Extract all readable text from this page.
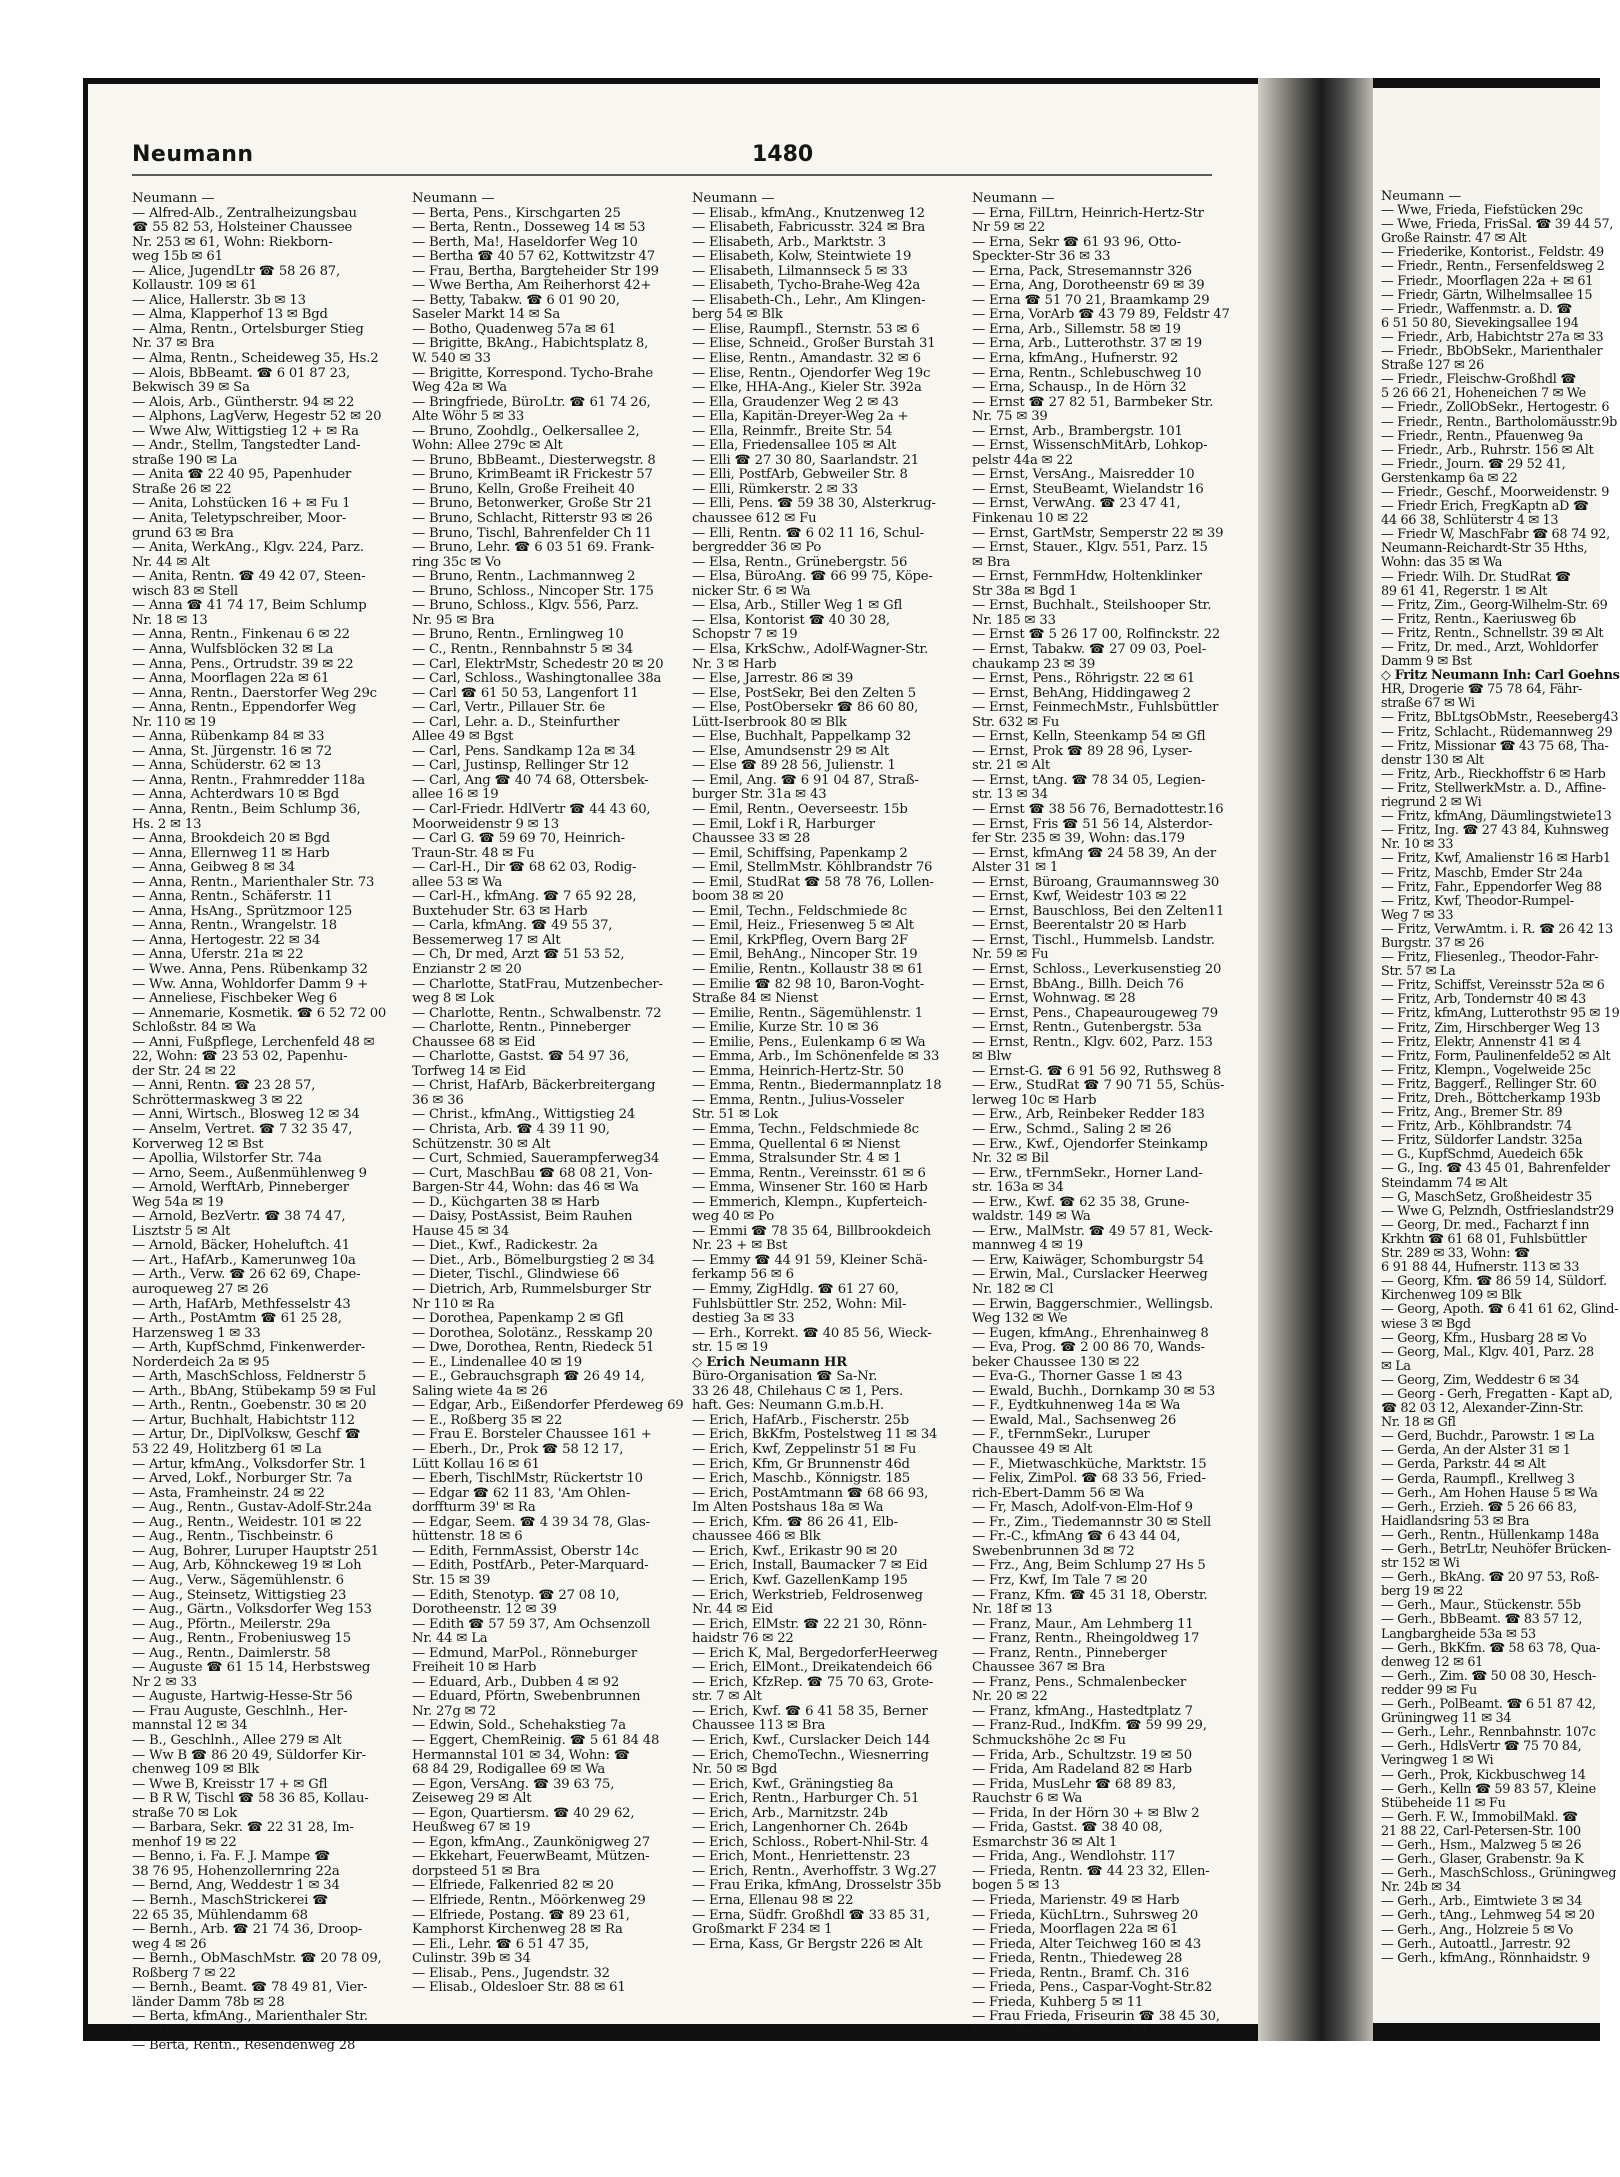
Neumann	1480
Neumann —
— Alfred-Alb., Zentralheizungsbau
☎ 55 82 53, Holsteiner Chaussee
Nr. 253 ✉ 61, Wohn: Riekborn-
weg 15b ✉ 61
— Alice, JugendLtr ☎ 58 26 87,
Kollaustr. 109 ✉ 61
— Alice, Hallerstr. 3b ✉ 13
— Alma, Klapperhof 13 ✉ Bgd
— Alma, Rentn., Ortelsburger Stieg
Nr. 37 ✉ Bra
— Alma, Rentn., Scheideweg 35, Hs.2
— Alois, BbBeamt. ☎ 6 01 87 23,
Bekwisch 39 ✉ Sa
— Alois, Arb., Güntherstr. 94 ✉ 22
— Alphons, LagVerw, Hegestr 52 ✉ 20
— Wwe Alw, Wittigstieg 12 + ✉ Ra
— Andr., Stellm, Tangstedter Land-
straße 190 ✉ La
— Anita ☎ 22 40 95, Papenhuder
Straße 26 ✉ 22
— Anita, Lohstücken 16 + ✉ Fu 1
— Anita, Teletypschreiber, Moor-
grund 63 ✉ Bra
— Anita, WerkAng., Klgv. 224, Parz.
Nr. 44 ✉ Alt
— Anita, Rentn. ☎ 49 42 07, Steen-
wisch 83 ✉ Stell
— Anna ☎ 41 74 17, Beim Schlump
Nr. 18 ✉ 13
— Anna, Rentn., Finkenau 6 ✉ 22
— Anna, Wulfsblöcken 32 ✉ La
— Anna, Pens., Ortrudstr. 39 ✉ 22
— Anna, Moorflagen 22a ✉ 61
— Anna, Rentn., Daerstorfer Weg 29c
— Anna, Rentn., Eppendorfer Weg
Nr. 110 ✉ 19
— Anna, Rübenkamp 84 ✉ 33
— Anna, St. Jürgenstr. 16 ✉ 72
— Anna, Schüderstr. 62 ✉ 13
— Anna, Rentn., Frahmredder 118a
— Anna, Achterdwars 10 ✉ Bgd
— Anna, Rentn., Beim Schlump 36,
Hs. 2 ✉ 13
— Anna, Brookdeich 20 ✉ Bgd
— Anna, Ellernweg 11 ✉ Harb
— Anna, Geibweg 8 ✉ 34
— Anna, Rentn., Marienthaler Str. 73
— Anna, Rentn., Schäferstr. 11
— Anna, HsAng., Sprützmoor 125
— Anna, Rentn., Wrangelstr. 18
— Anna, Hertogestr. 22 ✉ 34
— Anna, Uferstr. 21a ✉ 22
— Wwe. Anna, Pens. Rübenkamp 32
— Ww. Anna, Wohldorfer Damm 9 +
— Anneliese, Fischbeker Weg 6
— Annemarie, Kosmetik. ☎ 6 52 72 00
Schloßstr. 84 ✉ Wa
— Anni, Fußpflege, Lerchenfeld 48 ✉
22, Wohn: ☎ 23 53 02, Papenhu-
der Str. 24 ✉ 22
— Anni, Rentn. ☎ 23 28 57,
Schröttermaskweg 3 ✉ 22
— Anni, Wirtsch., Blosweg 12 ✉ 34
— Anselm, Vertret. ☎ 7 32 35 47,
Korverweg 12 ✉ Bst
— Apollia, Wilstorfer Str. 74a
— Arno, Seem., Außenmühlenweg 9
— Arnold, WerftArb, Pinneberger
Weg 54a ✉ 19
— Arnold, BezVertr. ☎ 38 74 47,
Lisztstr 5 ✉ Alt
— Arnold, Bäcker, Hoheluftch. 41
— Art., HafArb., Kamerunweg 10a
— Arth., Verw. ☎ 26 62 69, Chape-
auroqueweg 27 ✉ 26
— Arth, HafArb, Methfesselstr 43
— Arth., PostAmtm ☎ 61 25 28,
Harzensweg 1 ✉ 33
— Arth, KupfSchmd, Finkenwerder-
Norderdeich 2a ✉ 95
— Arth, MaschSchloss, Feldnerstr 5
— Arth., BbAng, Stübekamp 59 ✉ Ful
— Arth., Rentn., Goebenstr. 30 ✉ 20
— Artur, Buchhalt, Habichtstr 112
— Artur, Dr., DiplVolksw, Geschf ☎
53 22 49, Holitzberg 61 ✉ La
— Artur, kfmAng., Volksdorfer Str. 1
— Arved, Lokf., Norburger Str. 7a
— Asta, Framheinstr. 24 ✉ 22
— Aug., Rentn., Gustav-Adolf-Str.24a
— Aug., Rentn., Weidestr. 101 ✉ 22
— Aug., Rentn., Tischbeinstr. 6
— Aug, Bohrer, Luruper Hauptstr 251
— Aug, Arb, Köhnckeweg 19 ✉ Loh
— Aug., Verw., Sägemühlenstr. 6
— Aug., Steinsetz, Wittigstieg 23
— Aug., Gärtn., Volksdorfer Weg 153
— Aug., Pförtn., Meilerstr. 29a
— Aug., Rentn., Frobeniusweg 15
— Aug., Rentn., Daimlerstr. 58
— Auguste ☎ 61 15 14, Herbstsweg
Nr 2 ✉ 33
— Auguste, Hartwig-Hesse-Str 56
— Frau Auguste, Geschlnh., Her-
mannstal 12 ✉ 34
— B., Geschlnh., Allee 279 ✉ Alt
— Ww B ☎ 86 20 49, Süldorfer Kir-
chenweg 109 ✉ Blk
— Wwe B, Kreisstr 17 + ✉ Gfl
— B R W, Tischl ☎ 58 36 85, Kollau-
straße 70 ✉ Lok
— Barbara, Sekr. ☎ 22 31 28, Im-
menhof 19 ✉ 22
— Benno, i. Fa. F. J. Mampe ☎
38 76 95, Hohenzollernring 22a
— Bernd, Ang, Weddestr 1 ✉ 34
— Bernh., MaschStrickerei ☎
22 65 35, Mühlendamm 68
— Bernh., Arb. ☎ 21 74 36, Droop-
weg 4 ✉ 26
— Bernh., ObMaschMstr. ☎ 20 78 09,
Roßberg 7 ✉ 22
— Bernh., Beamt. ☎ 78 49 81, Vier-
länder Damm 78b ✉ 28
— Berta, kfmAng., Marienthaler Str.
Nr. 168 ✉ 26
— Berta, Rentn., Resendenweg 28
Neumann —
— Berta, Pens., Kirschgarten 25
— Berta, Rentn., Dosseweg 14 ✉ 53
— Berth, Ma!, Haseldorfer Weg 10
— Bertha ☎ 40 57 62, Kottwitzstr 47
— Frau, Bertha, Bargteheider Str 199
— Wwe Bertha, Am Reiherhorst 42+
— Betty, Tabakw. ☎ 6 01 90 20,
Saseler Markt 14 ✉ Sa
— Botho, Quadenweg 57a ✉ 61
— Brigitte, BkAng., Habichtsplatz 8,
W. 540 ✉ 33
— Brigitte, Korrespond. Tycho-Brahe
Weg 42a ✉ Wa
— Bringfriede, BüroLtr. ☎ 61 74 26,
Alte Wöhr 5 ✉ 33
— Bruno, Zoohdlg., Oelkersallee 2,
Wohn: Allee 279c ✉ Alt
— Bruno, BbBeamt., Diesterwegstr. 8
— Bruno, KrimBeamt iR Frickestr 57
— Bruno, Kelln, Große Freiheit 40
— Bruno, Betonwerker, Große Str 21
— Bruno, Schlacht, Ritterstr 93 ✉ 26
— Bruno, Tischl, Bahrenfelder Ch 11
— Bruno, Lehr. ☎ 6 03 51 69. Frank-
ring 35c ✉ Vo
— Bruno, Rentn., Lachmannweg 2
— Bruno, Schloss., Nincoper Str. 175
— Bruno, Schloss., Klgv. 556, Parz.
Nr. 95 ✉ Bra
— Bruno, Rentn., Ernlingweg 10
— C., Rentn., Rennbahnstr 5 ✉ 34
— Carl, ElektrMstr, Schedestr 20 ✉ 20
— Carl, Schloss., Washingtonallee 38a
— Carl ☎ 61 50 53, Langenfort 11
— Carl, Vertr., Pillauer Str. 6e
— Carl, Lehr. a. D., Steinfurther
Allee 49 ✉ Bgst
— Carl, Pens. Sandkamp 12a ✉ 34
— Carl, Justinsp, Rellinger Str 12
— Carl, Ang ☎ 40 74 68, Ottersbek-
allee 16 ✉ 19
— Carl-Friedr. HdlVertr ☎ 44 43 60,
Moorweidenstr 9 ✉ 13
— Carl G. ☎ 59 69 70, Heinrich-
Traun-Str. 48 ✉ Fu
— Carl-H., Dir ☎ 68 62 03, Rodig-
allee 53 ✉ Wa
— Carl-H., kfmAng. ☎ 7 65 92 28,
Buxtehuder Str. 63 ✉ Harb
— Carla, kfmAng. ☎ 49 55 37,
Bessemerweg 17 ✉ Alt
— Ch, Dr med, Arzt ☎ 51 53 52,
Enzianstr 2 ✉ 20
— Charlotte, StatFrau, Mutzenbecher-
weg 8 ✉ Lok
— Charlotte, Rentn., Schwalbenstr. 72
— Charlotte, Rentn., Pinneberger
Chaussee 68 ✉ Eid
— Charlotte, Gastst. ☎ 54 97 36,
Torfweg 14 ✉ Eid
— Christ, HafArb, Bäckerbreitergang
36 ✉ 36
— Christ., kfmAng., Wittigstieg 24
— Christa, Arb. ☎ 4 39 11 90,
Schützenstr. 30 ✉ Alt
— Curt, Schmied, Sauerampferweg34
— Curt, MaschBau ☎ 68 08 21, Von-
Bargen-Str 44, Wohn: das 46 ✉ Wa
— D., Küchgarten 38 ✉ Harb
— Daisy, PostAssist, Beim Rauhen
Hause 45 ✉ 34
— Diet., Kwf., Radickestr. 2a
— Diet., Arb., Bömelburgstieg 2 ✉ 34
— Dieter, Tischl., Glindwiese 66
— Dietrich, Arb, Rummelsburger Str
Nr 110 ✉ Ra
— Dorothea, Papenkamp 2 ✉ Gfl
— Dorothea, Solotänz., Resskamp 20
— Dwe, Dorothea, Rentn, Riedeck 51
— E., Lindenallee 40 ✉ 19
— E., Gebrauchsgraph ☎ 26 49 14,
Saling wiete 4a ✉ 26
— Edgar, Arb., Eißendorfer Pferdeweg 69
— E., Roßberg 35 ✉ 22
— Frau E. Borsteler Chaussee 161 +
— Eberh., Dr., Prok ☎ 58 12 17,
Lütt Kollau 16 ✉ 61
— Eberh, TischlMstr, Rückertstr 10
— Edgar ☎ 62 11 83, 'Am Ohlen-
dorffturm 39' ✉ Ra
— Edgar, Seem. ☎ 4 39 34 78, Glas-
hüttenstr. 18 ✉ 6
— Edith, FernmAssist, Oberstr 14c
— Edith, PostfArb., Peter-Marquard-
Str. 15 ✉ 39
— Edith, Stenotyp. ☎ 27 08 10,
Dorotheenstr. 12 ✉ 39
— Edith ☎ 57 59 37, Am Ochsenzoll
Nr. 44 ✉ La
— Edmund, MarPol., Rönneburger
Freiheit 10 ✉ Harb
— Eduard, Arb., Dubben 4 ✉ 92
— Eduard, Pförtn, Swebenbrunnen
Nr. 27g ✉ 72
— Edwin, Sold., Schehakstieg 7a
— Eggert, ChemReinig. ☎ 5 61 84 48
Hermannstal 101 ✉ 34, Wohn: ☎
68 84 29, Rodigallee 69 ✉ Wa
— Egon, VersAng. ☎ 39 63 75,
Zeiseweg 29 ✉ Alt
— Egon, Quartiersm. ☎ 40 29 62,
Heußweg 67 ✉ 19
— Egon, kfmAng., Zaunkönigweg 27
— Ekkehart, FeuerwBeamt, Mützen-
dorpsteed 51 ✉ Bra
— Elfriede, Falkenried 82 ✉ 20
— Elfriede, Rentn., Möörkenweg 29
— Elfriede, Postang. ☎ 89 23 61,
Kamphorst Kirchenweg 28 ✉ Ra
— Eli., Lehr. ☎ 6 51 47 35,
Culinstr. 39b ✉ 34
— Elisab., Pens., Jugendstr. 32
— Elisab., Oldesloer Str. 88 ✉ 61
Neumann —
— Elisab., kfmAng., Knutzenweg 12
— Elisabeth, Fabricusstr. 324 ✉ Bra
— Elisabeth, Arb., Marktstr. 3
— Elisabeth, Kolw, Steintwiete 19
— Elisabeth, Lilmannseck 5 ✉ 33
— Elisabeth, Tycho-Brahe-Weg 42a
— Elisabeth-Ch., Lehr., Am Klingen-
berg 54 ✉ Blk
— Elise, Raumpfl., Sternstr. 53 ✉ 6
— Elise, Schneid., Großer Burstah 31
— Elise, Rentn., Amandastr. 32 ✉ 6
— Elise, Rentn., Ojendorfer Weg 19c
— Elke, HHA-Ang., Kieler Str. 392a
— Ella, Graudenzer Weg 2 ✉ 43
— Ella, Kapitän-Dreyer-Weg 2a +
— Ella, Reinmfr., Breite Str. 54
— Ella, Friedensallee 105 ✉ Alt
— Elli ☎ 27 30 80, Saarlandstr. 21
— Elli, PostfArb, Gebweiler Str. 8
— Elli, Rümkerstr. 2 ✉ 33
— Elli, Pens. ☎ 59 38 30, Alsterkrug-
chaussee 612 ✉ Fu
— Elli, Rentn. ☎ 6 02 11 16, Schul-
bergredder 36 ✉ Po
— Elsa, Rentn., Grünebergstr. 56
— Elsa, BüroAng. ☎ 66 99 75, Köpe-
nicker Str. 6 ✉ Wa
— Elsa, Arb., Stiller Weg 1 ✉ Gfl
— Elsa, Kontorist ☎ 40 30 28,
Schopstr 7 ✉ 19
— Elsa, KrkSchw., Adolf-Wagner-Str.
Nr. 3 ✉ Harb
— Else, Jarrestr. 86 ✉ 39
— Else, PostSekr, Bei den Zelten 5
— Else, PostObersekr ☎ 86 60 80,
Lütt-Iserbrook 80 ✉ Blk
— Else, Buchhalt, Pappelkamp 32
— Else, Amundsenstr 29 ✉ Alt
— Else ☎ 89 28 56, Julienstr. 1
— Emil, Ang. ☎ 6 91 04 87, Straß-
burger Str. 31a ✉ 43
— Emil, Rentn., Oeverseestr. 15b
— Emil, Lokf i R, Harburger
Chaussee 33 ✉ 28
— Emil, Schiffsing, Papenkamp 2
— Emil, StellmMstr. Köhlbrandstr 76
— Emil, StudRat ☎ 58 78 76, Lollen-
boom 38 ✉ 20
— Emil, Techn., Feldschmiede 8c
— Emil, Heiz., Friesenweg 5 ✉ Alt
— Emil, KrkPfleg, Overn Barg 2F
— Emil, BehAng., Nincoper Str. 19
— Emilie, Rentn., Kollaustr 38 ✉ 61
— Emilie ☎ 82 98 10, Baron-Voght-
Straße 84 ✉ Nienst
— Emilie, Rentn., Sägemühlenstr. 1
— Emilie, Kurze Str. 10 ✉ 36
— Emilie, Pens., Eulenkamp 6 ✉ Wa
— Emma, Arb., Im Schönenfelde ✉ 33
— Emma, Heinrich-Hertz-Str. 50
— Emma, Rentn., Biedermannplatz 18
— Emma, Rentn., Julius-Vosseler
Str. 51 ✉ Lok
— Emma, Techn., Feldschmiede 8c
— Emma, Quellental 6 ✉ Nienst
— Emma, Stralsunder Str. 4 ✉ 1
— Emma, Rentn., Vereinsstr. 61 ✉ 6
— Emma, Winsener Str. 160 ✉ Harb
— Emmerich, Klempn., Kupferteich-
weg 40 ✉ Po
— Emmi ☎ 78 35 64, Billbrookdeich
Nr. 23 + ✉ Bst
— Emmy ☎ 44 91 59, Kleiner Schä-
ferkamp 56 ✉ 6
— Emmy, ZigHdlg. ☎ 61 27 60,
Fuhlsbüttler Str. 252, Wohn: Mil-
destieg 3a ✉ 33
— Erh., Korrekt. ☎ 40 85 56, Wieck-
str. 15 ✉ 19
◇ Erich Neumann HR
Büro-Organisation ☎ Sa-Nr.
33 26 48, Chilehaus C ✉ 1, Pers.
haft. Ges: Neumann G.m.b.H.
— Erich, HafArb., Fischerstr. 25b
— Erich, BkKfm, Postelstweg 11 ✉ 34
— Erich, Kwf, Zeppelinstr 51 ✉ Fu
— Erich, Kfm, Gr Brunnenstr 46d
— Erich, Maschb., Könnigstr. 185
— Erich, PostAmtmann ☎ 68 66 93,
Im Alten Postshaus 18a ✉ Wa
— Erich, Kfm. ☎ 86 26 41, Elb-
chaussee 466 ✉ Blk
— Erich, Kwf., Erikastr 90 ✉ 20
— Erich, Install, Baumacker 7 ✉ Eid
— Erich, Kwf. GazellenKamp 195
— Erich, Werkstrieb, Feldrosenweg
Nr. 44 ✉ Eid
— Erich, ElMstr. ☎ 22 21 30, Rönn-
haidstr 76 ✉ 22
— Erich K, Mal, BergedorferHeerweg
— Erich, ElMont., Dreikatendeich 66
— Erich, KfzRep. ☎ 75 70 63, Grote-
str. 7 ✉ Alt
— Erich, Kwf. ☎ 6 41 58 35, Berner
Chaussee 113 ✉ Bra
— Erich, Kwf., Curslacker Deich 144
— Erich, ChemoTechn., Wiesnerring
Nr. 50 ✉ Bgd
— Erich, Kwf., Gräningstieg 8a
— Erich, Rentn., Harburger Ch. 51
— Erich, Arb., Marnitzstr. 24b
— Erich, Langenhorner Ch. 264b
— Erich, Schloss., Robert-Nhil-Str. 4
— Erich, Mont., Henriettenstr. 23
— Erich, Rentn., Averhoffstr. 3 Wg.27
— Frau Erika, kfmAng, Drosselstr 35b
— Erna, Ellenau 98 ✉ 22
— Erna, Südfr. Großhdl ☎ 33 85 31,
Großmarkt F 234 ✉ 1
— Erna, Kass, Gr Bergstr 226 ✉ Alt
Neumann —
— Erna, FilLtrn, Heinrich-Hertz-Str
Nr 59 ✉ 22
— Erna, Sekr ☎ 61 93 96, Otto-
Speckter-Str 36 ✉ 33
— Erna, Pack, Stresemannstr 326
— Erna, Ang, Dorotheenstr 69 ✉ 39
— Erna ☎ 51 70 21, Braamkamp 29
— Erna, VorArb ☎ 43 79 89, Feldstr 47
— Erna, Arb., Sillemstr. 58 ✉ 19
— Erna, Arb., Lutterothstr. 37 ✉ 19
— Erna, kfmAng., Hufnerstr. 92
— Erna, Rentn., Schlebuschweg 10
— Erna, Schausp., In de Hörn 32
— Ernst ☎ 27 82 51, Barmbeker Str.
Nr. 75 ✉ 39
— Ernst, Arb., Brambergstr. 101
— Ernst, WissenschMitArb, Lohkop-
pelstr 44a ✉ 22
— Ernst, VersAng., Maisredder 10
— Ernst, SteuBeamt, Wielandstr 16
— Ernst, VerwAng. ☎ 23 47 41,
Finkenau 10 ✉ 22
— Ernst, GartMstr, Semperstr 22 ✉ 39
— Ernst, Stauer., Klgv. 551, Parz. 15
✉ Bra
— Ernst, FernmHdw, Holtenklinker
Str 38a ✉ Bgd 1
— Ernst, Buchhalt., Steilshooper Str.
Nr. 185 ✉ 33
— Ernst ☎ 5 26 17 00, Rolfinckstr. 22
— Ernst, Tabakw. ☎ 27 09 03, Poel-
chaukamp 23 ✉ 39
— Ernst, Pens., Röhrigstr. 22 ✉ 61
— Ernst, BehAng, Hiddingaweg 2
— Ernst, FeinmechMstr., Fuhlsbüttler
Str. 632 ✉ Fu
— Ernst, Kelln, Steenkamp 54 ✉ Gfl
— Ernst, Prok ☎ 89 28 96, Lyser-
str. 21 ✉ Alt
— Ernst, tAng. ☎ 78 34 05, Legien-
str. 13 ✉ 34
— Ernst ☎ 38 56 76, Bernadottestr.16
— Ernst, Fris ☎ 51 56 14, Alsterdor-
fer Str. 235 ✉ 39, Wohn: das.179
— Ernst, kfmAng ☎ 24 58 39, An der
Alster 31 ✉ 1
— Ernst, Büroang, Graumannsweg 30
— Ernst, Kwf, Weidestr 103 ✉ 22
— Ernst, Bauschloss, Bei den Zelten11
— Ernst, Beerentalstr 20 ✉ Harb
— Ernst, Tischl., Hummelsb. Landstr.
Nr. 59 ✉ Fu
— Ernst, Schloss., Leverkusenstieg 20
— Ernst, BbAng., Billh. Deich 76
— Ernst, Wohnwag. ✉ 28
— Ernst, Pens., Chapeaurougeweg 79
— Ernst, Rentn., Gutenbergstr. 53a
— Ernst, Rentn., Klgv. 602, Parz. 153
✉ Blw
— Ernst-G. ☎ 6 91 56 92, Ruthsweg 8
— Erw., StudRat ☎ 7 90 71 55, Schüs-
lerweg 10c ✉ Harb
— Erw., Arb, Reinbeker Redder 183
— Erw., Schmd., Saling 2 ✉ 26
— Erw., Kwf., Ojendorfer Steinkamp
Nr. 32 ✉ Bil
— Erw., tFernmSekr., Horner Land-
str. 163a ✉ 34
— Erw., Kwf. ☎ 62 35 38, Grune-
waldstr. 149 ✉ Wa
— Erw., MalMstr. ☎ 49 57 81, Weck-
mannweg 4 ✉ 19
— Erw, Kaiwäger, Schomburgstr 54
— Erwin, Mal., Curslacker Heerweg
Nr. 182 ✉ Cl
— Erwin, Baggerschmier., Wellingsb.
Weg 132 ✉ We
— Eugen, kfmAng., Ehrenhainweg 8
— Eva, Prog. ☎ 2 00 86 70, Wands-
beker Chaussee 130 ✉ 22
— Eva-G., Thorner Gasse 1 ✉ 43
— Ewald, Buchh., Dornkamp 30 ✉ 53
— F., Eydtkuhnenweg 14a ✉ Wa
— Ewald, Mal., Sachsenweg 26
— F., tFernmSekr., Luruper
Chaussee 49 ✉ Alt
— F., Mietwaschküche, Marktstr. 15
— Felix, ZimPol. ☎ 68 33 56, Fried-
rich-Ebert-Damm 56 ✉ Wa
— Fr, Masch, Adolf-von-Elm-Hof 9
— Fr., Zim., Tiedemannstr 30 ✉ Stell
— Fr.-C., kfmAng ☎ 6 43 44 04,
Swebenbrunnen 3d ✉ 72
— Frz., Ang, Beim Schlump 27 Hs 5
— Frz, Kwf, Im Tale 7 ✉ 20
— Franz, Kfm. ☎ 45 31 18, Oberstr.
Nr. 18f ✉ 13
— Franz, Maur., Am Lehmberg 11
— Franz, Rentn., Rheingoldweg 17
— Franz, Rentn., Pinneberger
Chaussee 367 ✉ Bra
— Franz, Pens., Schmalenbecker
Nr. 20 ✉ 22
— Franz, kfmAng., Hastedtplatz 7
— Franz-Rud., IndKfm. ☎ 59 99 29,
Schmuckshöhe 2c ✉ Fu
— Frida, Arb., Schultzstr. 19 ✉ 50
— Frida, Am Radeland 82 ✉ Harb
— Frida, MusLehr ☎ 68 89 83,
Rauchstr 6 ✉ Wa
— Frida, In der Hörn 30 + ✉ Blw 2
— Frida, Gastst. ☎ 38 40 08,
Esmarchstr 36 ✉ Alt 1
— Frida, Ang., Wendlohstr. 117
— Frieda, Rentn. ☎ 44 23 32, Ellen-
bogen 5 ✉ 13
— Frieda, Marienstr. 49 ✉ Harb
— Frieda, KüchLtrn., Suhrsweg 20
— Frieda, Moorflagen 22a ✉ 61
— Frieda, Alter Teichweg 160 ✉ 43
— Frieda, Rentn., Thiedeweg 28
— Frieda, Rentn., Bramf. Ch. 316
— Frieda, Pens., Caspar-Voght-Str.82
— Frieda, Kuhberg 5 ✉ 11
— Frau Frieda, Friseurin ☎ 38 45 30,
Bahrenfelder Str 212 ✉ Alt
Neumann —
— Wwe, Frieda, Fiefstücken 29c
— Wwe, Frieda, FrisSal. ☎ 39 44 57,
Große Rainstr. 47 ✉ Alt
— Friederike, Kontorist., Feldstr. 49
— Friedr., Rentn., Fersenfeldsweg 2
— Friedr., Moorflagen 22a + ✉ 61
— Friedr, Gärtn, Wilhelmsallee 15
— Friedr., Waffenmstr. a. D. ☎
6 51 50 80, Sievekingsallee 194
— Friedr., Arb, Habichtstr 27a ✉ 33
— Friedr., BbObSekr., Marienthaler
Straße 127 ✉ 26
— Friedr., Fleischw-Großhdl ☎
5 26 66 21, Hoheneichen 7 ✉ We
— Friedr., ZollObSekr., Hertogestr. 6
— Friedr., Rentn., Bartholomäusstr.9b
— Friedr., Rentn., Pfauenweg 9a
— Friedr., Arb., Ruhrstr. 156 ✉ Alt
— Friedr., Journ. ☎ 29 52 41,
Gerstenkamp 6a ✉ 22
— Friedr., Geschf., Moorweidenstr. 9
— Friedr Erich, FregKaptn aD ☎
44 66 38, Schlüterstr 4 ✉ 13
— Friedr W, MaschFabr ☎ 68 74 92,
Neumann-Reichardt-Str 35 Hths,
Wohn: das 35 ✉ Wa
— Friedr. Wilh. Dr. StudRat ☎
89 61 41, Regerstr. 1 ✉ Alt
— Fritz, Zim., Georg-Wilhelm-Str. 69
— Fritz, Rentn., Kaeriusweg 6b
— Fritz, Rentn., Schnellstr. 39 ✉ Alt
— Fritz, Dr. med., Arzt, Wohldorfer
Damm 9 ✉ Bst
◇ Fritz Neumann Inh: Carl Goehns
HR, Drogerie ☎ 75 78 64, Fähr-
straße 67 ✉ Wi
— Fritz, BbLtgsObMstr., Reeseberg43
— Fritz, Schlacht., Rüdemannweg 29
— Fritz, Missionar ☎ 43 75 68, Tha-
denstr 130 ✉ Alt
— Fritz, Arb., Rieckhoffstr 6 ✉ Harb
— Fritz, StellwerkMstr. a. D., Affine-
riegrund 2 ✉ Wi
— Fritz, kfmAng, Däumlingstwiete13
— Fritz, Ing. ☎ 27 43 84, Kuhnsweg
Nr. 10 ✉ 33
— Fritz, Kwf, Amalienstr 16 ✉ Harb1
— Fritz, Maschb, Emder Str 24a
— Fritz, Fahr., Eppendorfer Weg 88
— Fritz, Kwf, Theodor-Rumpel-
Weg 7 ✉ 33
— Fritz, VerwAmtm. i. R. ☎ 26 42 13
Burgstr. 37 ✉ 26
— Fritz, Fliesenleg., Theodor-Fahr-
Str. 57 ✉ La
— Fritz, Schiffst, Vereinsstr 52a ✉ 6
— Fritz, Arb, Tondernstr 40 ✉ 43
— Fritz, kfmAng, Lutterothstr 95 ✉ 19
— Fritz, Zim, Hirschberger Weg 13
— Fritz, Elektr, Annenstr 41 ✉ 4
— Fritz, Form, Paulinenfelde52 ✉ Alt
— Fritz, Klempn., Vogelweide 25c
— Fritz, Baggerf., Rellinger Str. 60
— Fritz, Dreh., Böttcherkamp 193b
— Fritz, Ang., Bremer Str. 89
— Fritz, Arb., Köhlbrandstr. 74
— Fritz, Süldorfer Landstr. 325a
— G., KupfSchmd, Auedeich 65k
— G., Ing. ☎ 43 45 01, Bahrenfelder
Steindamm 74 ✉ Alt
— G, MaschSetz, Großheidestr 35
— Wwe G, Pelzndh, Ostfrieslandstr29
— Georg, Dr. med., Facharzt f inn
Krkhtn ☎ 61 68 01, Fuhlsbüttler
Str. 289 ✉ 33, Wohn: ☎
6 91 88 44, Hufnerstr. 113 ✉ 33
— Georg, Kfm. ☎ 86 59 14, Süldorf.
Kirchenweg 109 ✉ Blk
— Georg, Apoth. ☎ 6 41 61 62, Glind-
wiese 3 ✉ Bgd
— Georg, Kfm., Husbarg 28 ✉ Vo
— Georg, Mal., Klgv. 401, Parz. 28
✉ La
— Georg, Zim, Weddestr 6 ✉ 34
— Georg - Gerh, Fregatten - Kapt aD,
☎ 82 03 12, Alexander-Zinn-Str.
Nr. 18 ✉ Gfl
— Gerd, Buchdr., Parowstr. 1 ✉ La
— Gerda, An der Alster 31 ✉ 1
— Gerda, Parkstr. 44 ✉ Alt
— Gerda, Raumpfl., Krellweg 3
— Gerh., Am Hohen Hause 5 ✉ Wa
— Gerh., Erzieh. ☎ 5 26 66 83,
Haidlandsring 53 ✉ Bra
— Gerh., Rentn., Hüllenkamp 148a
— Gerh., BetrLtr, Neuhöfer Brücken-
str 152 ✉ Wi
— Gerh., BkAng. ☎ 20 97 53, Roß-
berg 19 ✉ 22
— Gerh., Maur., Stückenstr. 55b
— Gerh., BbBeamt. ☎ 83 57 12,
Langbargheide 53a ✉ 53
— Gerh., BkKfm. ☎ 58 63 78, Qua-
denweg 12 ✉ 61
— Gerh., Zim. ☎ 50 08 30, Hesch-
redder 99 ✉ Fu
— Gerh., PolBeamt. ☎ 6 51 87 42,
Grüningweg 11 ✉ 34
— Gerh., Lehr., Rennbahnstr. 107c
— Gerh., HdlsVertr ☎ 75 70 84,
Veringweg 1 ✉ Wi
— Gerh., Prok, Kickbuschweg 14
— Gerh., Kelln ☎ 59 83 57, Kleine
Stübeheide 11 ✉ Fu
— Gerh. F. W., ImmobilMakl. ☎
21 88 22, Carl-Petersen-Str. 100
— Gerh., Hsm., Malzweg 5 ✉ 26
— Gerh., Glaser, Grabenstr. 9a K
— Gerh., MaschSchloss., Grüningweg
Nr. 24b ✉ 34
— Gerh., Arb., Eimtwiete 3 ✉ 34
— Gerh., tAng., Lehmweg 54 ✉ 20
— Gerh., Ang., Holzreie 5 ✉ Vo
— Gerh., Autoattl., Jarrestr. 92
— Gerh., kfmAng., Rönnhaidstr. 9
